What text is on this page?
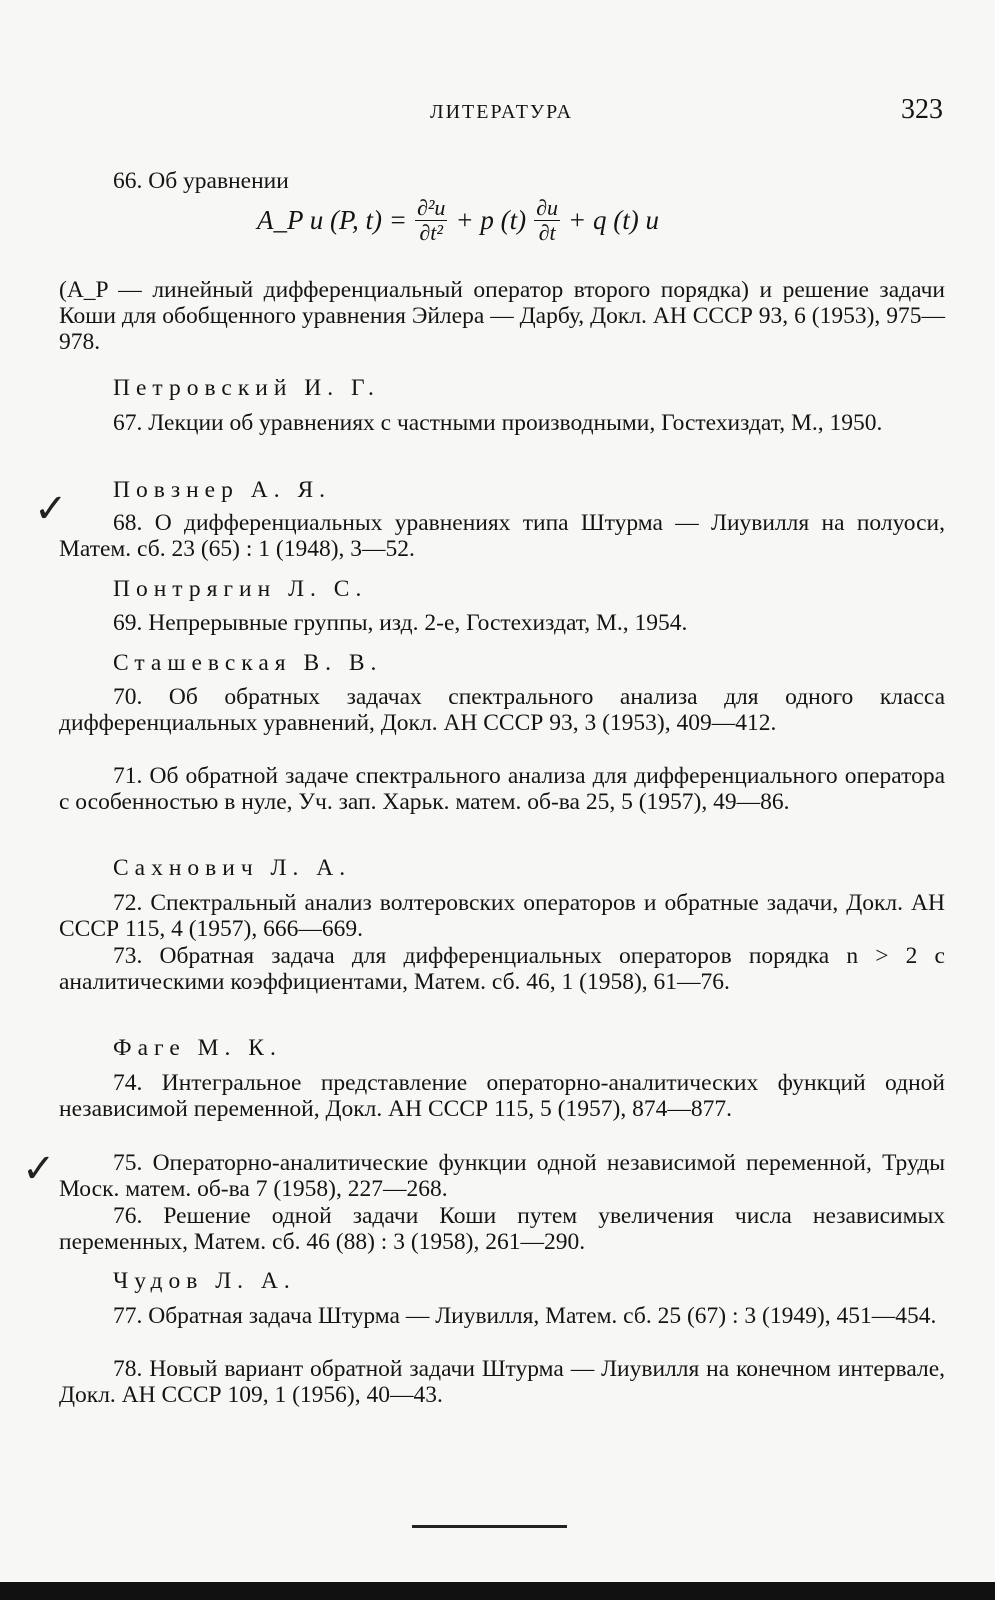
ЛИТЕРАТУРА	323
66. Об уравнении
A_P u (P, $t) = \frac{\text{∂²u}}{\text{∂t²}} + p$ $(t) \frac{\partial u}{\partial t} + q$ (t) u
(A_P — линейный дифференциальный оператор второго порядка) и решение задачи Коши для обобщенного уравнения Эйлера — Дарбу, Докл. АН СССР 93, 6 (1953), 975—978.
Петровский И. Г.
67. Лекции об уравнениях с частными производными, Гостехиздат, М., 1950.
✓ Повзнер А. Я.
68. О дифференциальных уравнениях типа Штурма — Лиувилля на полуоси, Матем. сб. 23 (65) : 1 (1948), 3—52.
Понтрягин Л. С.
69. Непрерывные группы, изд. 2-е, Гостехиздат, М., 1954.
Сташевская В. В.
70. Об обратных задачах спектрального анализа для одного класса дифференциальных уравнений, Докл. АН СССР 93, 3 (1953), 409—412.
71. Об обратной задаче спектрального анализа для дифференциального оператора с особенностью в нуле, Уч. зап. Харьк. матем. об-ва 25, 5 (1957), 49—86.
Сахнович Л. А.
72. Спектральный анализ волтеровских операторов и обратные задачи, Докл. АН СССР 115, 4 (1957), 666—669.
73. Обратная задача для дифференциальных операторов порядка n > 2 с аналитическими коэффициентами, Матем. сб. 46, 1 (1958), 61—76.
Фаге М. К.
74. Интегральное представление операторно-аналитических функций одной независимой переменной, Докл. АН СССР 115, 5 (1957), 874—877.
✓	75. Операторно-аналитические функции одной независимой переменной, Труды Моск. матем. об-ва 7 (1958), 227—268.
76. Решение одной задачи Коши путем увеличения числа независимых переменных, Матем. сб. 46 (88) : 3 (1958), 261—290.
Чудов Л. А.
77. Обратная задача Штурма — Лиувилля, Матем. сб. 25 (67) : 3 (1949), 451—454.
78. Новый вариант обратной задачи Штурма — Лиувилля на конечном интервале, Докл. АН СССР 109, 1 (1956), 40—43.
